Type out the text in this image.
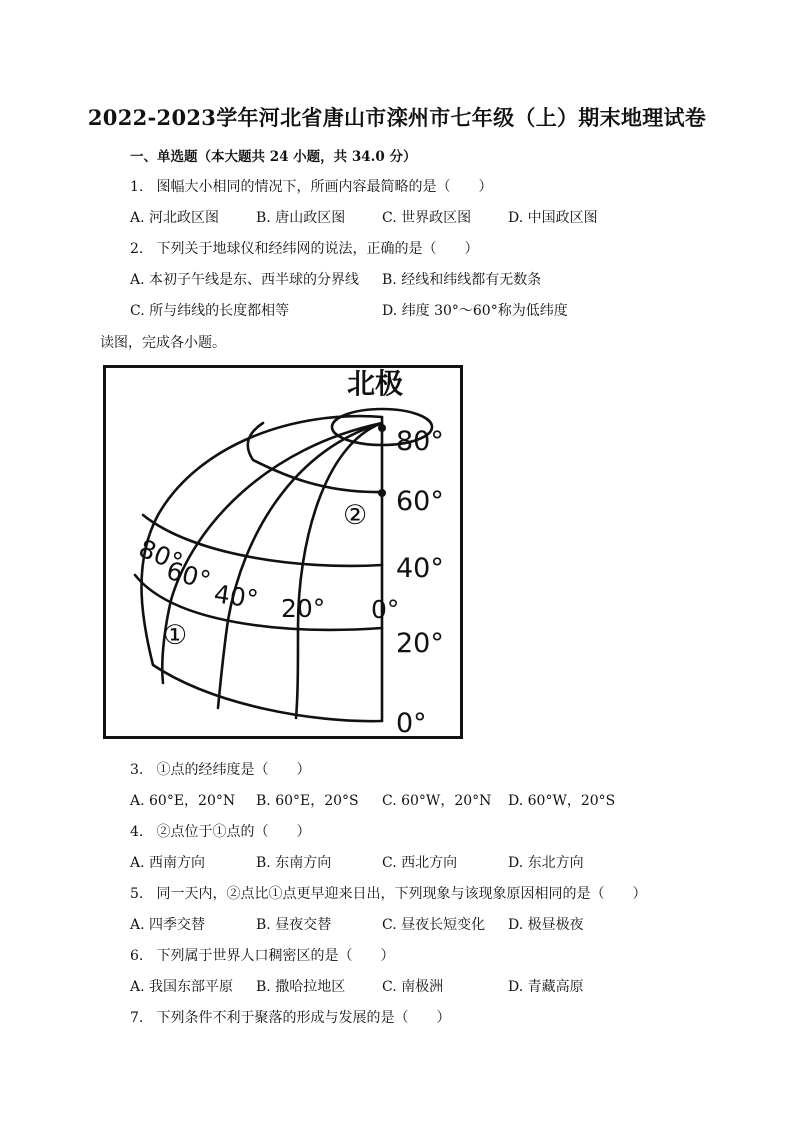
2022-2023学年河北省唐山市滦州市七年级（上）期末地理试卷
一、单选题（本大题共 24 小题，共 34.0 分）
1. 图幅大小相同的情况下，所画内容最简略的是（　　）
A. 河北政区图	B. 唐山政区图	C. 世界政区图	D. 中国政区图
2. 下列关于地球仪和经纬网的说法，正确的是（　　）
A. 本初子午线是东、西半球的分界线 B. 经线和纬线都有无数条
C. 所与纬线的长度都相等	D. 纬度 30°～60°称为低纬度
读图，完成各小题。
北极
80°
60°
40°
20°
0°
80°
60°
40° 20° 0°
②
①
3. ①点的经纬度是（　　）
A. 60°E，20°N B. 60°E，20°S C. 60°W，20°N D. 60°W，20°S
4. ②点位于①点的（　　）
A. 西南方向	B. 东南方向	C. 西北方向	D. 东北方向
5. 同一天内，②点比①点更早迎来日出，下列现象与该现象原因相同的是（　　）
A. 四季交替	B. 昼夜交替	C. 昼夜长短变化 D. 极昼极夜
6. 下列属于世界人口稠密区的是（　　）
A. 我国东部平原 B. 撒哈拉地区	C. 南极洲	D. 青藏高原
7. 下列条件不利于聚落的形成与发展的是（　　）
